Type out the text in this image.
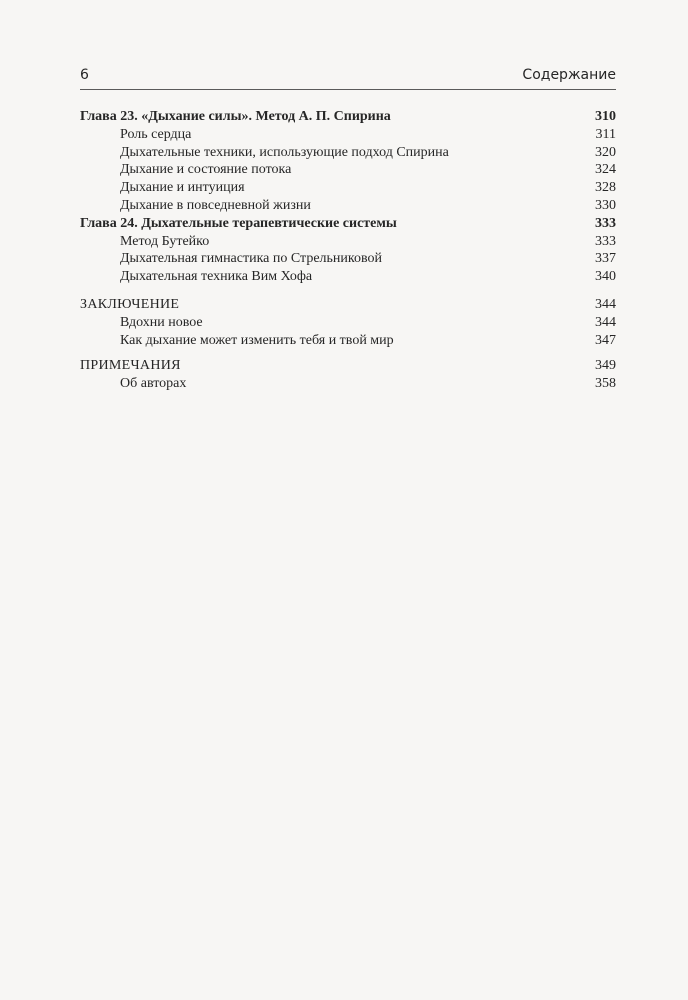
6	Содержание
Глава 23. «Дыхание силы». Метод А. П. Спирина	310
Роль сердца	311
Дыхательные техники, использующие подход Спирина	320
Дыхание и состояние потока	324
Дыхание и интуиция	328
Дыхание в повседневной жизни	330
Глава 24. Дыхательные терапевтические системы	333
Метод Бутейко	333
Дыхательная гимнастика по Стрельниковой	337
Дыхательная техника Вим Хофа	340
ЗАКЛЮЧЕНИЕ	344
Вдохни новое	344
Как дыхание может изменить тебя и твой мир	347
ПРИМЕЧАНИЯ	349
Об авторах	358
